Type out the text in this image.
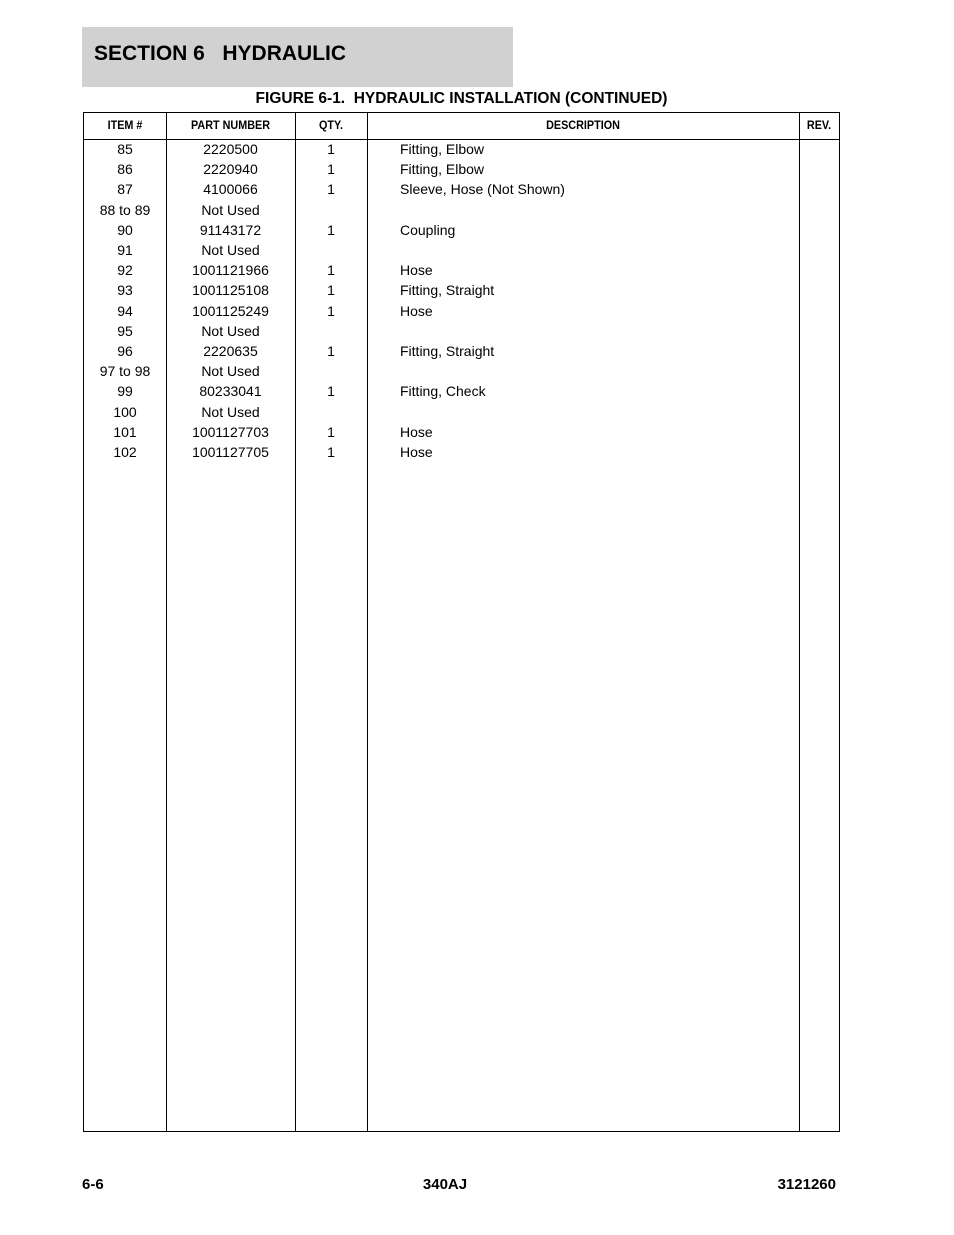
SECTION 6   HYDRAULIC
FIGURE 6-1.  HYDRAULIC INSTALLATION (CONTINUED)
ITEM #	PART NUMBER	QTY.	DESCRIPTION	REV.
85	2220500	1	Fitting, Elbow
86	2220940	1	Fitting, Elbow
87	4100066	1	Sleeve, Hose (Not Shown)
88 to 89	Not Used
90	91143172	1	Coupling
91	Not Used
92	1001121966	1	Hose
93	1001125108	1	Fitting, Straight
94	1001125249	1	Hose
95	Not Used
96	2220635	1	Fitting, Straight
97 to 98	Not Used
99	80233041	1	Fitting, Check
100	Not Used
101	1001127703	1	Hose
102	1001127705	1	Hose
6-6	340AJ	3121260
